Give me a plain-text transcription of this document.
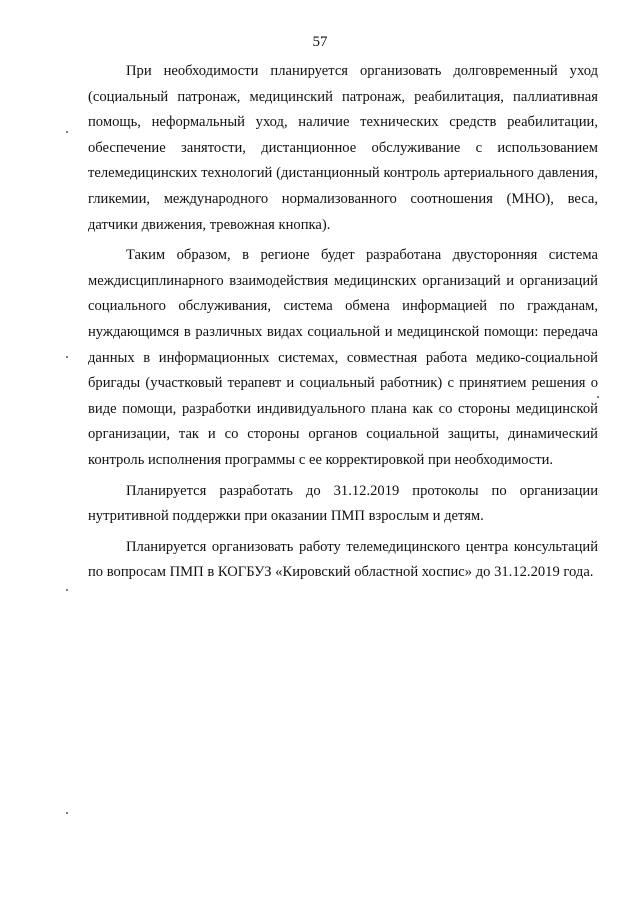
57

При необходимости планируется организовать долговременный уход (социальный патронаж, медицинский патронаж, реабилитация, паллиативная помощь, неформальный уход, наличие технических средств реабилитации, обеспечение занятости, дистанционное обслуживание с использованием телемедицинских технологий (дистанционный контроль артериального давления, гликемии, международного нормализованного соотношения (МНО), веса, датчики движения, тревожная кнопка).

Таким образом, в регионе будет разработана двусторонняя система междисциплинарного взаимодействия медицинских организаций и организаций социального обслуживания, система обмена информацией по гражданам, нуждающимся в различных видах социальной и медицинской помощи: передача данных в информационных системах, совместная работа медико-социальной бригады (участковый терапевт и социальный работник) с принятием решения о виде помощи, разработки индивидуального плана как со стороны медицинской организации, так и со стороны органов социальной защиты, динамический контроль исполнения программы с ее корректировкой при необходимости.

Планируется разработать до 31.12.2019 протоколы по организации нутритивной поддержки при оказании ПМП взрослым и детям.

Планируется организовать работу телемедицинского центра консультаций по вопросам ПМП в КОГБУЗ «Кировский областной хоспис» до 31.12.2019 года.
